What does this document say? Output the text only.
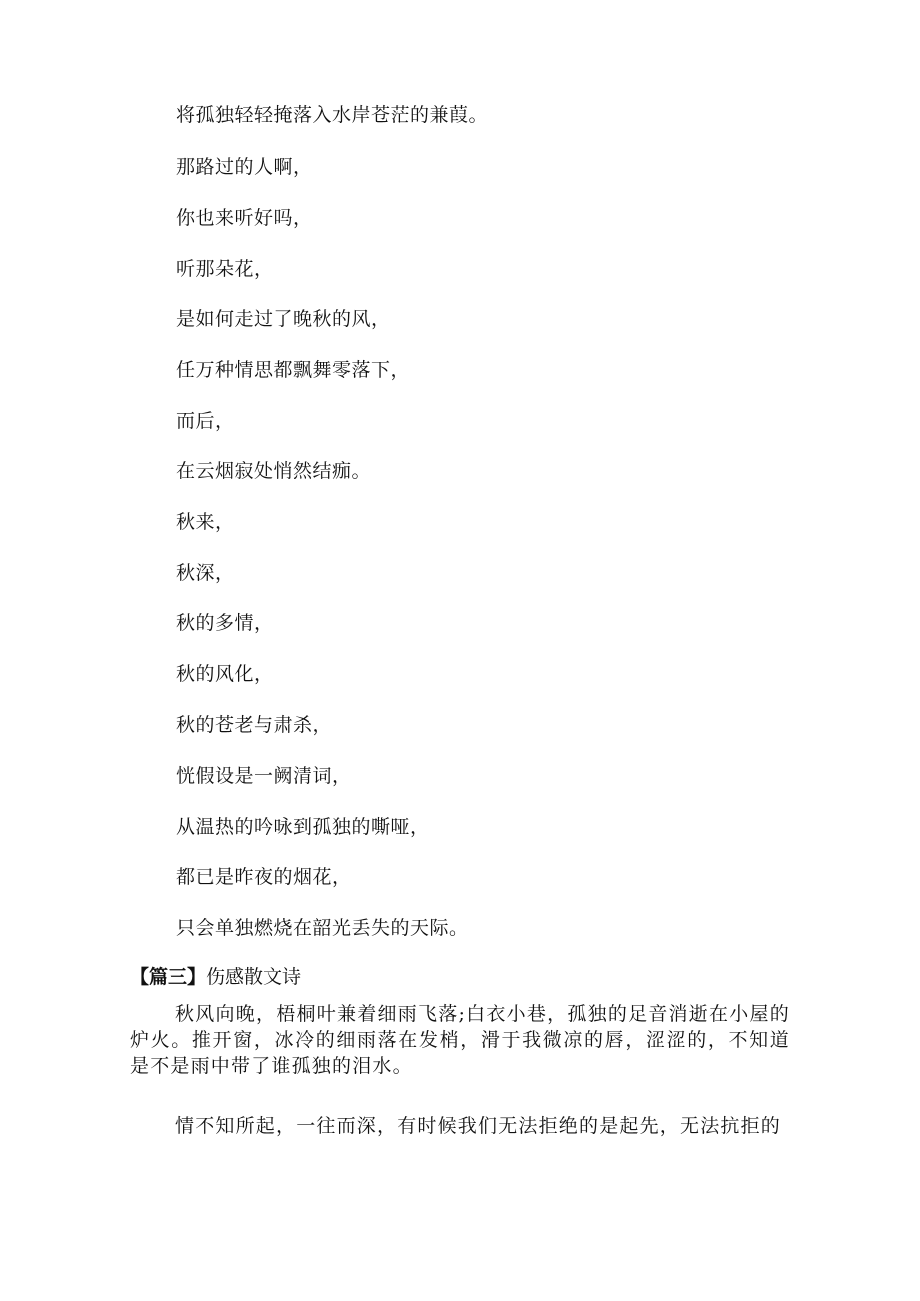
将孤独轻轻掩落入水岸苍茫的兼葭。
那路过的人啊，
你也来听好吗，
听那朵花，
是如何走过了晚秋的风，
任万种情思都飘舞零落下，
而后，
在云烟寂处悄然结痂。
秋来，
秋深，
秋的多情，
秋的风化，
秋的苍老与肃杀，
恍假设是一阙清词，
从温热的吟咏到孤独的嘶哑，
都已是昨夜的烟花，
只会单独燃烧在韶光丢失的天际。
【篇三】伤感散文诗

秋风向晚，梧桐叶兼着细雨飞落;白衣小巷，孤独的足音消逝在小屋的炉火。推开窗，冰冷的细雨落在发梢，滑于我微凉的唇，涩涩的，不知道是不是雨中带了谁孤独的泪水。

情不知所起，一往而深，有时候我们无法拒绝的是起先，无法抗拒的
